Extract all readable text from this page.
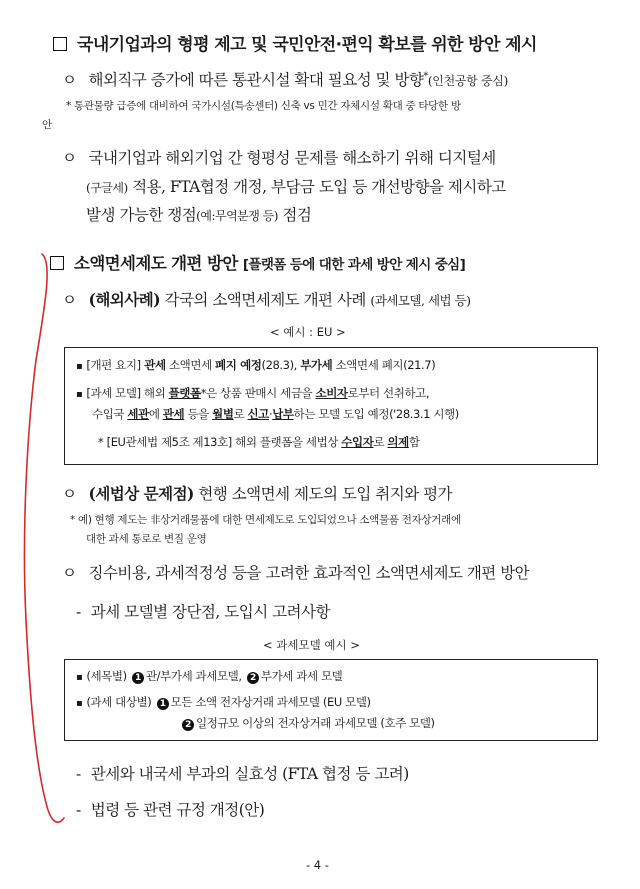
국내기업과의 형평 제고 및 국민안전·편익 확보를 위한 방안 제시
ㅇ 해외직구 증가에 따른 통관시설 확대 필요성 및 방향*(인천공항 중심)
* 통관물량 급증에 대비하여 국가시설(특송센터) 신축 vs 민간 자체시설 확대 중 타당한 방
안
ㅇ 국내기업과 해외기업 간 형평성 문제를 해소하기 위해 디지털세
(구글세) 적용, FTA협정 개정, 부담금 도입 등 개선방향을 제시하고
발생 가능한 쟁점(예:무역분쟁 등) 점검
소액면세제도 개편 방안 [플랫폼 등에 대한 과세 방안 제시 중심]
ㅇ (해외사례) 각국의 소액면세제도 개편 사례 (과세모델, 세법 등)
< 예시 : EU >
▪ [개편 요지] 관세 소액면세 폐지 예정(28.3), 부가세 소액면세 폐지(21.7)
▪ [과세 모델] 해외 플랫폼*은 상품 판매시 세금을 소비자로부터 선취하고,
수입국 세관에 관세 등을 월별로 신고·납부하는 모델 도입 예정('28.3.1 시행)
* [EU관세법 제5조 제13호] 해외 플랫폼을 세법상 수입자로 의제함
ㅇ (세법상 문제점) 현행 소액면세 제도의 도입 취지와 평가
* 예) 현행 제도는 非상거래물품에 대한 면세제도로 도입되었으나 소액물품 전자상거래에
대한 과세 통로로 변질 운영
ㅇ 징수비용, 과세적정성 등을 고려한 효과적인 소액면세제도 개편 방안
- 과세 모델별 장단점, 도입시 고려사항
< 과세모델 예시 >
▪ (세목별) 1 관/부가세 과세모델, 2 부가세 과세 모델
▪ (과세 대상별) 1 모든 소액 전자상거래 과세모델 (EU 모델)
2 일정규모 이상의 전자상거래 과세모델 (호주 모델)
- 관세와 내국세 부과의 실효성 (FTA 협정 등 고려)
- 법령 등 관련 규정 개정(안)
- 4 -
